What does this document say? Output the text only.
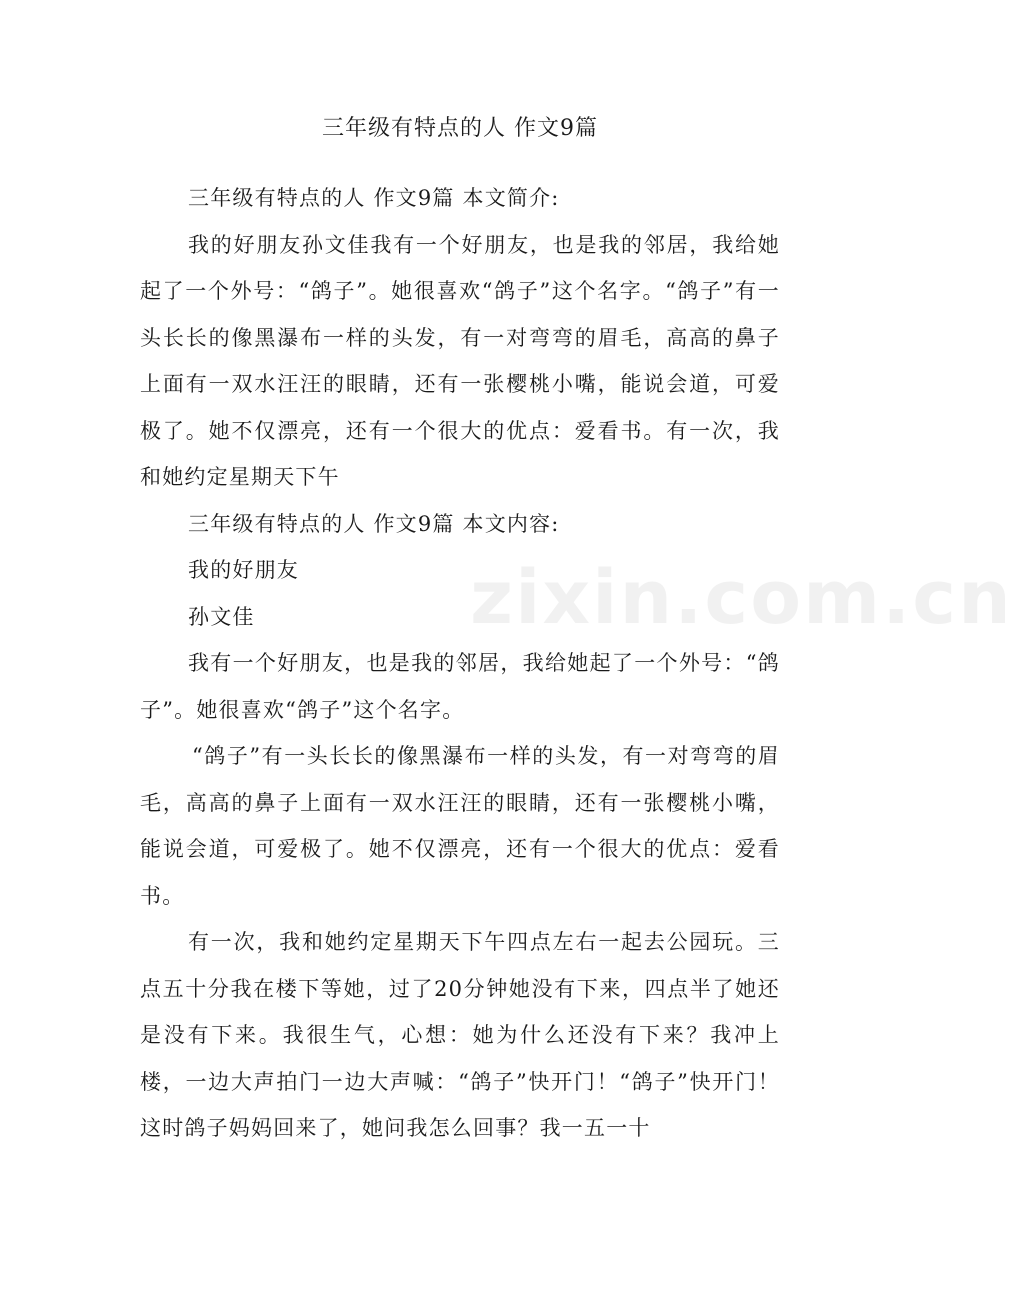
三年级有特点的人 作文9篇

三年级有特点的人 作文9篇 本文简介:

我的好朋友孙文佳我有一个好朋友，也是我的邻居，我给她起了一个外号：“鸽子”。她很喜欢“鸽子”这个名字。“鸽子”有一头长长的像黑瀑布一样的头发，有一对弯弯的眉毛，高高的鼻子上面有一双水汪汪的眼睛，还有一张樱桃小嘴，能说会道，可爱极了。她不仅漂亮，还有一个很大的优点：爱看书。有一次，我和她约定星期天下午

三年级有特点的人 作文9篇 本文内容:

我的好朋友

孙文佳

我有一个好朋友，也是我的邻居，我给她起了一个外号：“鸽子”。她很喜欢“鸽子”这个名字。

“鸽子”有一头长长的像黑瀑布一样的头发，有一对弯弯的眉毛，高高的鼻子上面有一双水汪汪的眼睛，还有一张樱桃小嘴，能说会道，可爱极了。她不仅漂亮，还有一个很大的优点：爱看书。

有一次，我和她约定星期天下午四点左右一起去公园玩。三点五十分我在楼下等她，过了20分钟她没有下来，四点半了她还是没有下来。我很生气，心想：她为什么还没有下来？我冲上楼，一边大声拍门一边大声喊：“鸽子”快开门！“鸽子”快开门！这时鸽子妈妈回来了，她问我怎么回事？我一五一十

zixin.com.cn
